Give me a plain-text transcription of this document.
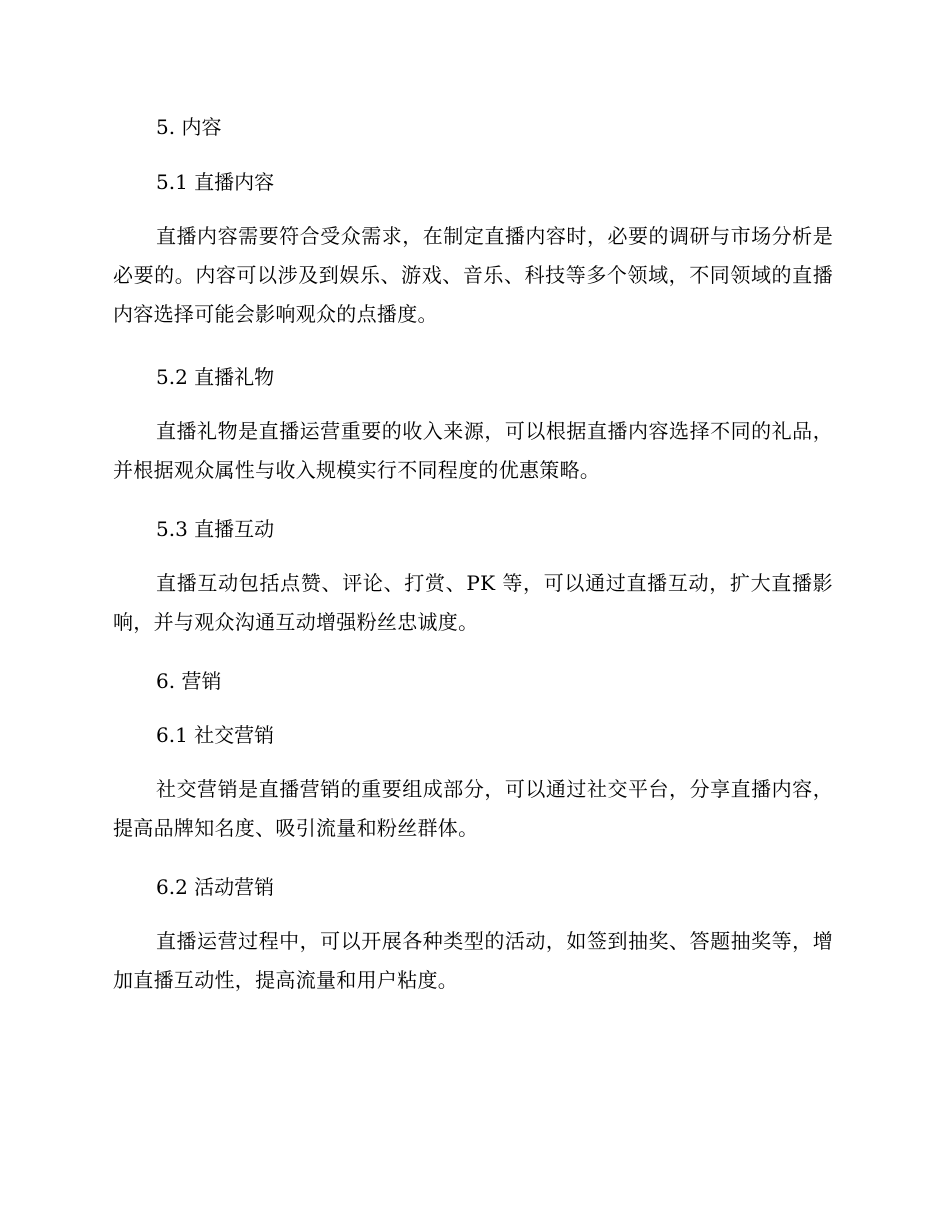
5. 内容
5.1 直播内容
直播内容需要符合受众需求，在制定直播内容时，必要的调研与市场分析是必要的。内容可以涉及到娱乐、游戏、音乐、科技等多个领域，不同领域的直播内容选择可能会影响观众的点播度。
5.2 直播礼物
直播礼物是直播运营重要的收入来源，可以根据直播内容选择不同的礼品，并根据观众属性与收入规模实行不同程度的优惠策略。
5.3 直播互动
直播互动包括点赞、评论、打赏、PK 等，可以通过直播互动，扩大直播影响，并与观众沟通互动增强粉丝忠诚度。
6. 营销
6.1 社交营销
社交营销是直播营销的重要组成部分，可以通过社交平台，分享直播内容，提高品牌知名度、吸引流量和粉丝群体。
6.2 活动营销
直播运营过程中，可以开展各种类型的活动，如签到抽奖、答题抽奖等，增加直播互动性，提高流量和用户粘度。
